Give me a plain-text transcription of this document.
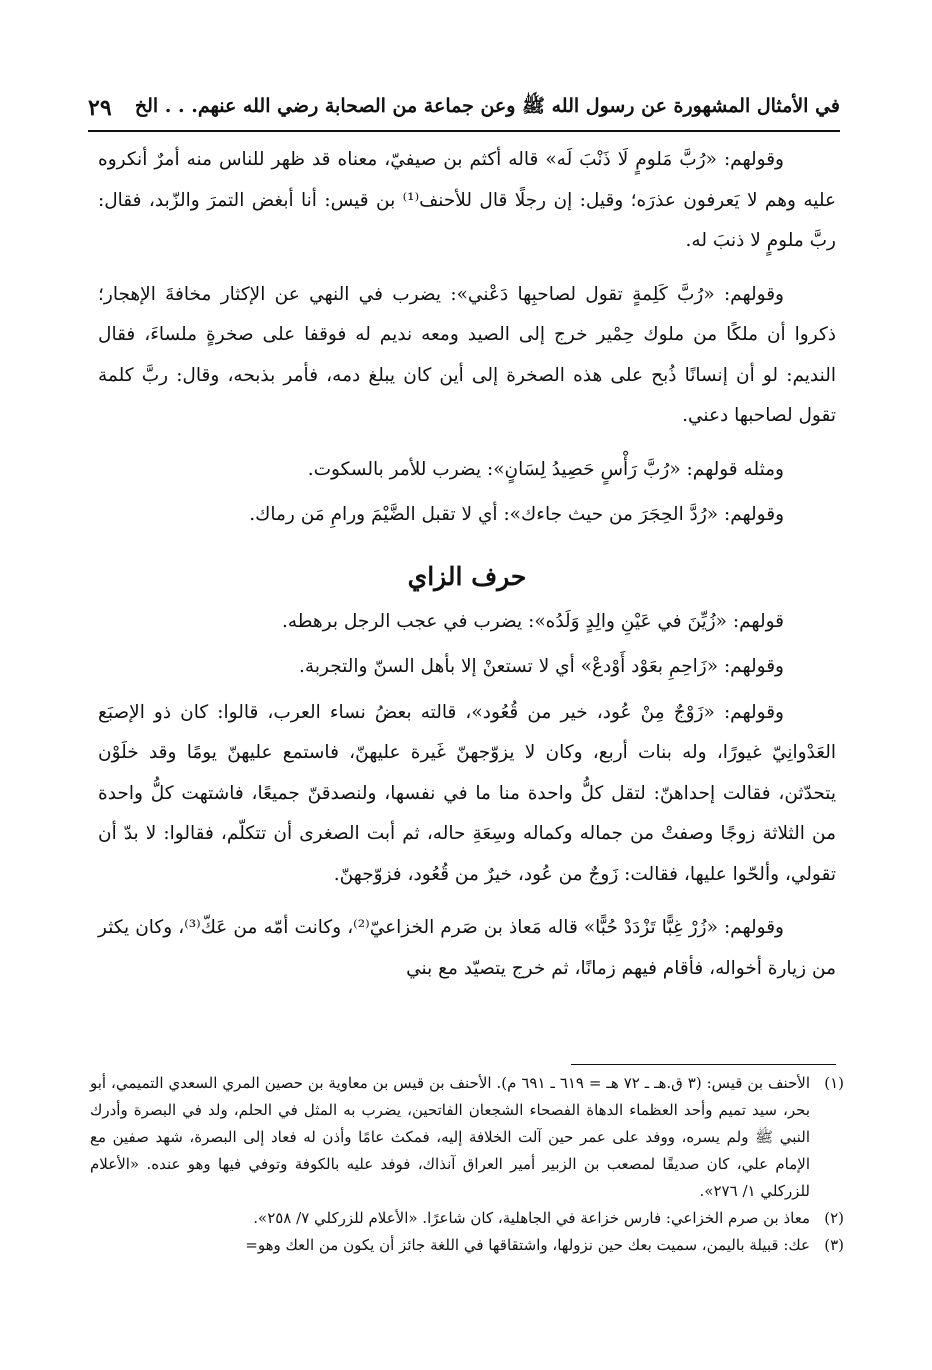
في الأمثال المشهورة عن رسول الله ﷺ وعن جماعة من الصحابة رضي الله عنهم. . . الخ
٢٩

وقولهم: «رُبَّ مَلومٍ لَا ذَنْبَ لَه» قاله أكثم بن صيفيّ، معناه قد ظهر للناس منه أمرٌ أنكروه عليه وهم لا يَعرفون عذرَه؛ وقيل: إن رجلًا قال للأحنف⁽¹⁾ بن قيس: أنا أبغض التمرَ والزّبد، فقال: ربَّ ملومٍ لا ذنبَ له.

وقولهم: «رُبَّ كَلِمةٍ تقول لصاحبِها دَعْني»: يضرب في النهي عن الإكثار مخافةَ الإهجار؛ ذكروا أن ملكًا من ملوك حِمْير خرج إلى الصيد ومعه نديم له فوقفا على صخرةٍ ملساءَ، فقال النديم: لو أن إنسانًا ذُبح على هذه الصخرة إلى أين كان يبلغ دمه، فأمر بذبحه، وقال: ربَّ كلمة تقول لصاحبها دعني.

ومثله قولهم: «رُبَّ رَأْسٍ حَصِيدُ لِسَانٍ»: يضرب للأمر بالسكوت.

وقولهم: «رُدَّ الحِجَرَ من حيث جاءك»: أي لا تقبل الضَّيْمَ ورامِ مَن رماك.

حرف الزاي

قولهم: «زُيِّنَ في عَيْنِ والِدٍ وَلَدُه»: يضرب في عجب الرجل برهطه.

وقولهم: «زَاحِمِ بعَوْد أَوْدعْ» أي لا تستعنْ إلا بأهل السنّ والتجربة.

وقولهم: «زَوْجٌ مِنْ عُود، خير من قُعُود»، قالته بعضُ نساء العرب، قالوا: كان ذو الإصبَع العَدْوانِيّ غيورًا، وله بنات أربع، وكان لا يزوّجهنّ غَيرة عليهنّ، فاستمع عليهنّ يومًا وقد خلَوْن يتحدّثن، فقالت إحداهنّ: لتقل كلُّ واحدة منا ما في نفسها، ولنصدقنّ جميعًا، فاشتهت كلُّ واحدة من الثلاثة زوجًا وصفتْ من جماله وكماله وسِعَةِ حاله، ثم أبت الصغرى أن تتكلّم، فقالوا: لا بدّ أن تقولي، وألحّوا عليها، فقالت: زَوجٌ من عُود، خيرٌ من قُعُود، فزوّجهنّ.

وقولهم: «زُرْ غِبًّا تَزْدَدْ حُبًّا» قاله مَعاذ بن صَرم الخزاعيّ⁽²⁾، وكانت أمّه من عَكّ⁽³⁾، وكان يكثر من زيارة أخواله، فأقام فيهم زمانًا، ثم خرج يتصيّد مع بني

(١)
الأحنف بن قيس: (٣ ق.هـ ـ ٧٢ هـ = ٦١٩ ـ ٦٩١ م). الأحنف بن قيس بن معاوية بن حصين المري السعدي التميمي، أبو بحر، سيد تميم وأحد العظماء الدهاة الفصحاء الشجعان الفاتحين، يضرب به المثل في الحلم، ولد في البصرة وأدرك النبي ﷺ ولم يسره، ووفد على عمر حين آلت الخلافة إليه، فمكث عامًا وأذن له فعاد إلى البصرة، شهد صفين مع الإمام علي، كان صديقًا لمصعب بن الزبير أمير العراق آنذاك، فوفد عليه بالكوفة وتوفي فيها وهو عنده. «الأعلام للزركلي ١/ ٢٧٦».
(٢)
معاذ بن صرم الخزاعي: فارس خزاعة في الجاهلية، كان شاعرًا. «الأعلام للزركلي ٧/ ٢٥٨».
(٣)
عك: قبيلة باليمن، سميت بعك حين نزولها، واشتقاقها في اللغة جائز أن يكون من العك وهو=
